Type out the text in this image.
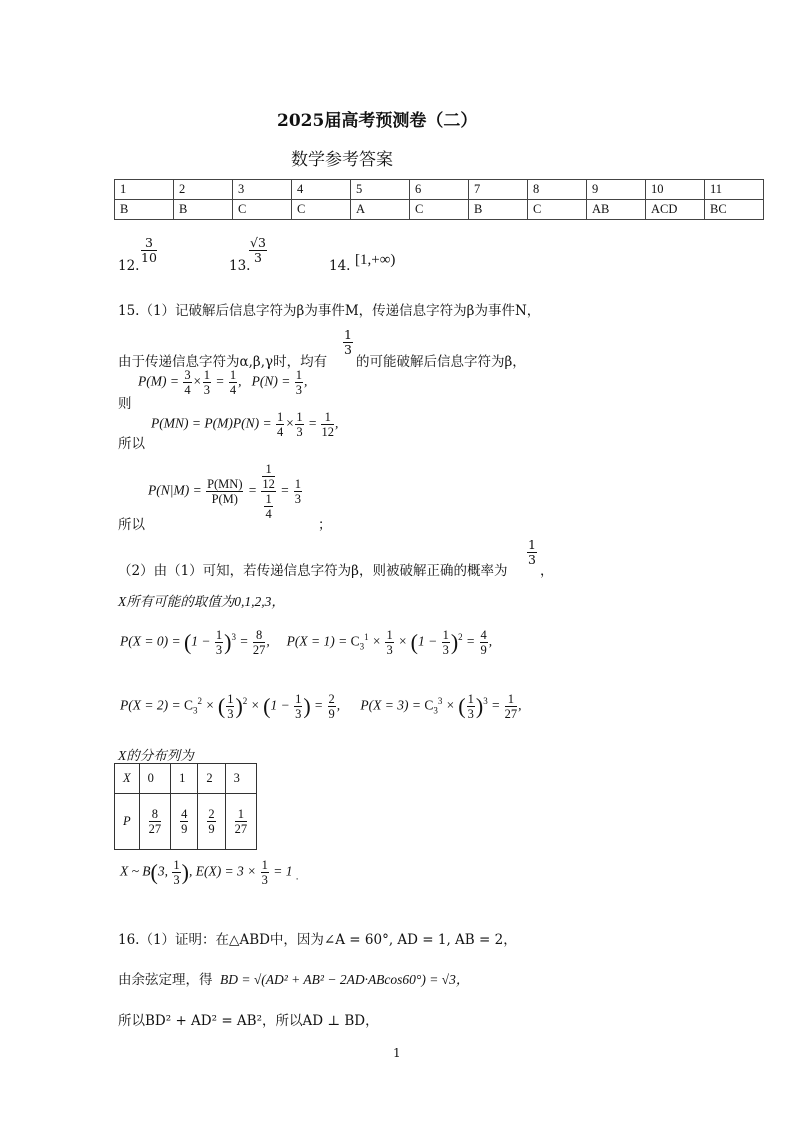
2025届高考预测卷（二）
数学参考答案
1	2	3	4	5	6	7	8	9	10	11
B	B	C	C	A	C	B	C	AB	ACD	BC
12.
$\frac{3}{10}$
13.
$\frac{√3}{3}$
14. [1,+∞)
15.（1）记破解后信息字符为β为事件M，传递信息字符为β为事件N，
由于传递信息字符为α,β,γ时，均有
$\frac{1}{3}$
的可能破解后信息字符为β，
则
$P(M) = \frac{3}{4} \times \frac{1}{3} = \frac{1}{4}$ ,   $P(N) = \frac{1}{3}$ ,
所以
$P(MN) = P(M)P(N) = \frac{1}{4} \times \frac{1}{3} = \frac{1}{12}$ ,
$P(N|M) = \frac{P(MN)}{P(M)} = \frac{\frac{1}{12}}{\frac{1}{4}} = \frac{1}{3}$
所以	；
（2）由（1）可知，若传递信息字符为β，则被破解正确的概率为
$\frac{1}{3}$
，
X所有可能的取值为0,1,2,3，
$P(X = 0) = (1 - \frac{1}{3} )^3 = \frac{8}{27}$ ,     $P(X = 1) = C_3^1 \times \frac{1}{3} \times (1 - \frac{1}{3} )^2 = \frac{4}{9}$ ,
$P(X = 2) = C_3^2$ × ( $\frac{1}{3} )^2 \times (1 - \frac{1}{3}$ ) = $\frac{2}{9}$ ,      $P(X = 3) = C_3^3$ × ( $\frac{1}{3} )^3 = \frac{1}{27}$ ,
X的分布列为
X	0	1	2	3
P	$\frac{8}{27}$	$\frac{4}{9}$	$\frac{2}{9}$	$\frac{1}{27}$
X ~ B(3, $\frac{1}{3}$ ), $E(X) = 3 \times \frac{1}{3} = 1$ $_.$
16.（1）证明：在△ABD中，因为∠A = 60°, AD = 1, AB = 2，
由余弦定理，得 BD = √(AD² + AB² − 2AD·ABcos60°) = √3，
所以BD² + AD² = AB²，所以AD ⊥ BD，
1
